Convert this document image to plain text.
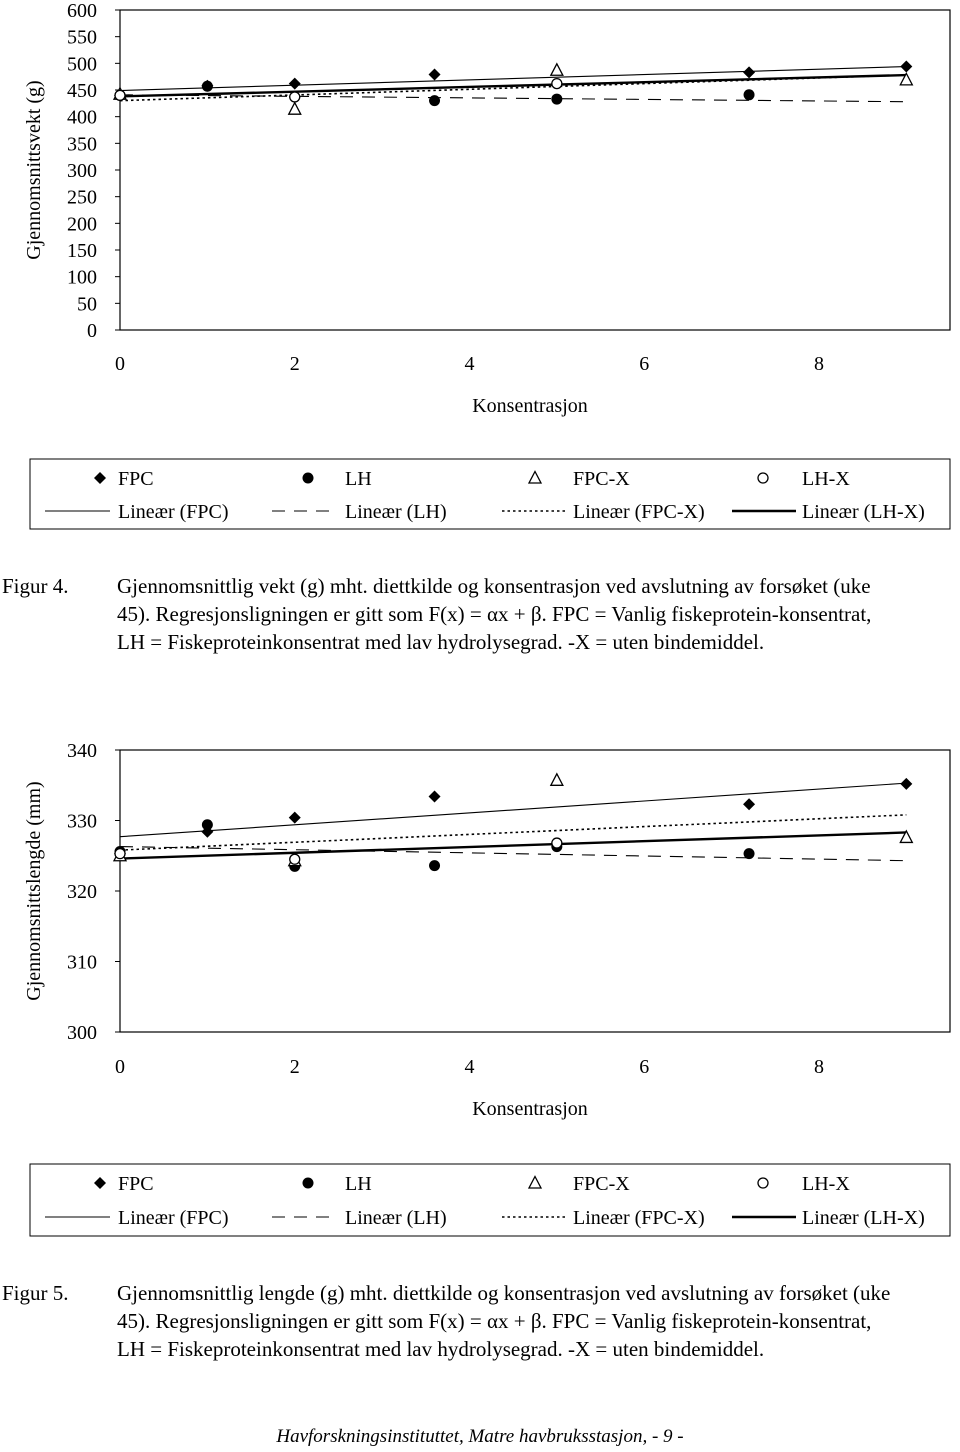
600
550
500
450
400
350
300
250
200
150
100
50
0
0	2	4	6	8
Konsentrasjon
Gjennomsnittsvekt (g)
FPC	LH	FPC-X	LH-X
Lineær (FPC)	Lineær (LH)	Lineær (FPC-X)	Lineær (LH-X)
340
330
320
310
300
0	2	4	6	8
Konsentrasjon
Gjennomsnittslengde (mm)
FPC	LH	FPC-X	LH-X
Lineær (FPC)	Lineær (LH)	Lineær (FPC-X)	Lineær (LH-X)
Figur 4. Gjennomsnittlig vekt (g) mht. diettkilde og konsentrasjon ved avslutning av forsøket (uke
45). Regresjonsligningen er gitt som F(x) = αx + β. FPC = Vanlig fiskeprotein-konsentrat,
LH = Fiskeproteinkonsentrat med lav hydrolysegrad. -X = uten bindemiddel.
Figur 5. Gjennomsnittlig lengde (g) mht. diettkilde og konsentrasjon ved avslutning av forsøket (uke
45). Regresjonsligningen er gitt som F(x) = αx + β. FPC = Vanlig fiskeprotein-konsentrat,
LH = Fiskeproteinkonsentrat med lav hydrolysegrad. -X = uten bindemiddel.
Havforskningsinstituttet, Matre havbruksstasjon, - 9 -
